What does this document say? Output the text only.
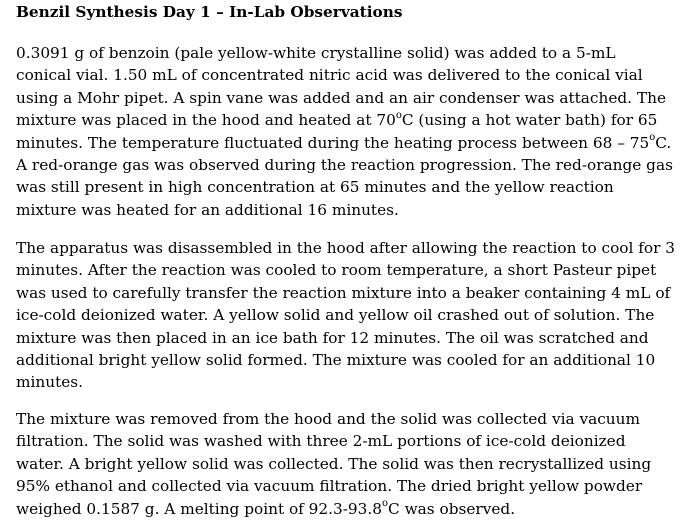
Benzil Synthesis Day 1 – In-Lab Observations
0.3091 g of benzoin (pale yellow-white crystalline solid) was added to a 5-mL
conical vial. 1.50 mL of concentrated nitric acid was delivered to the conical vial
using a Mohr pipet. A spin vane was added and an air condenser was attached. The
mixture was placed in the hood and heated at 70$^o$C (using a hot water bath) for 65
minutes. The temperature fluctuated during the heating process between 68 – 75$^o$C.
A red-orange gas was observed during the reaction progression. The red-orange gas
was still present in high concentration at 65 minutes and the yellow reaction
mixture was heated for an additional 16 minutes.
The apparatus was disassembled in the hood after allowing the reaction to cool for 3
minutes. After the reaction was cooled to room temperature, a short Pasteur pipet
was used to carefully transfer the reaction mixture into a beaker containing 4 mL of
ice-cold deionized water. A yellow solid and yellow oil crashed out of solution. The
mixture was then placed in an ice bath for 12 minutes. The oil was scratched and
additional bright yellow solid formed. The mixture was cooled for an additional 10
minutes.
The mixture was removed from the hood and the solid was collected via vacuum
filtration. The solid was washed with three 2-mL portions of ice-cold deionized
water. A bright yellow solid was collected. The solid was then recrystallized using
95% ethanol and collected via vacuum filtration. The dried bright yellow powder
weighed 0.1587 g. A melting point of 92.3-93.8$^o$C was observed.
